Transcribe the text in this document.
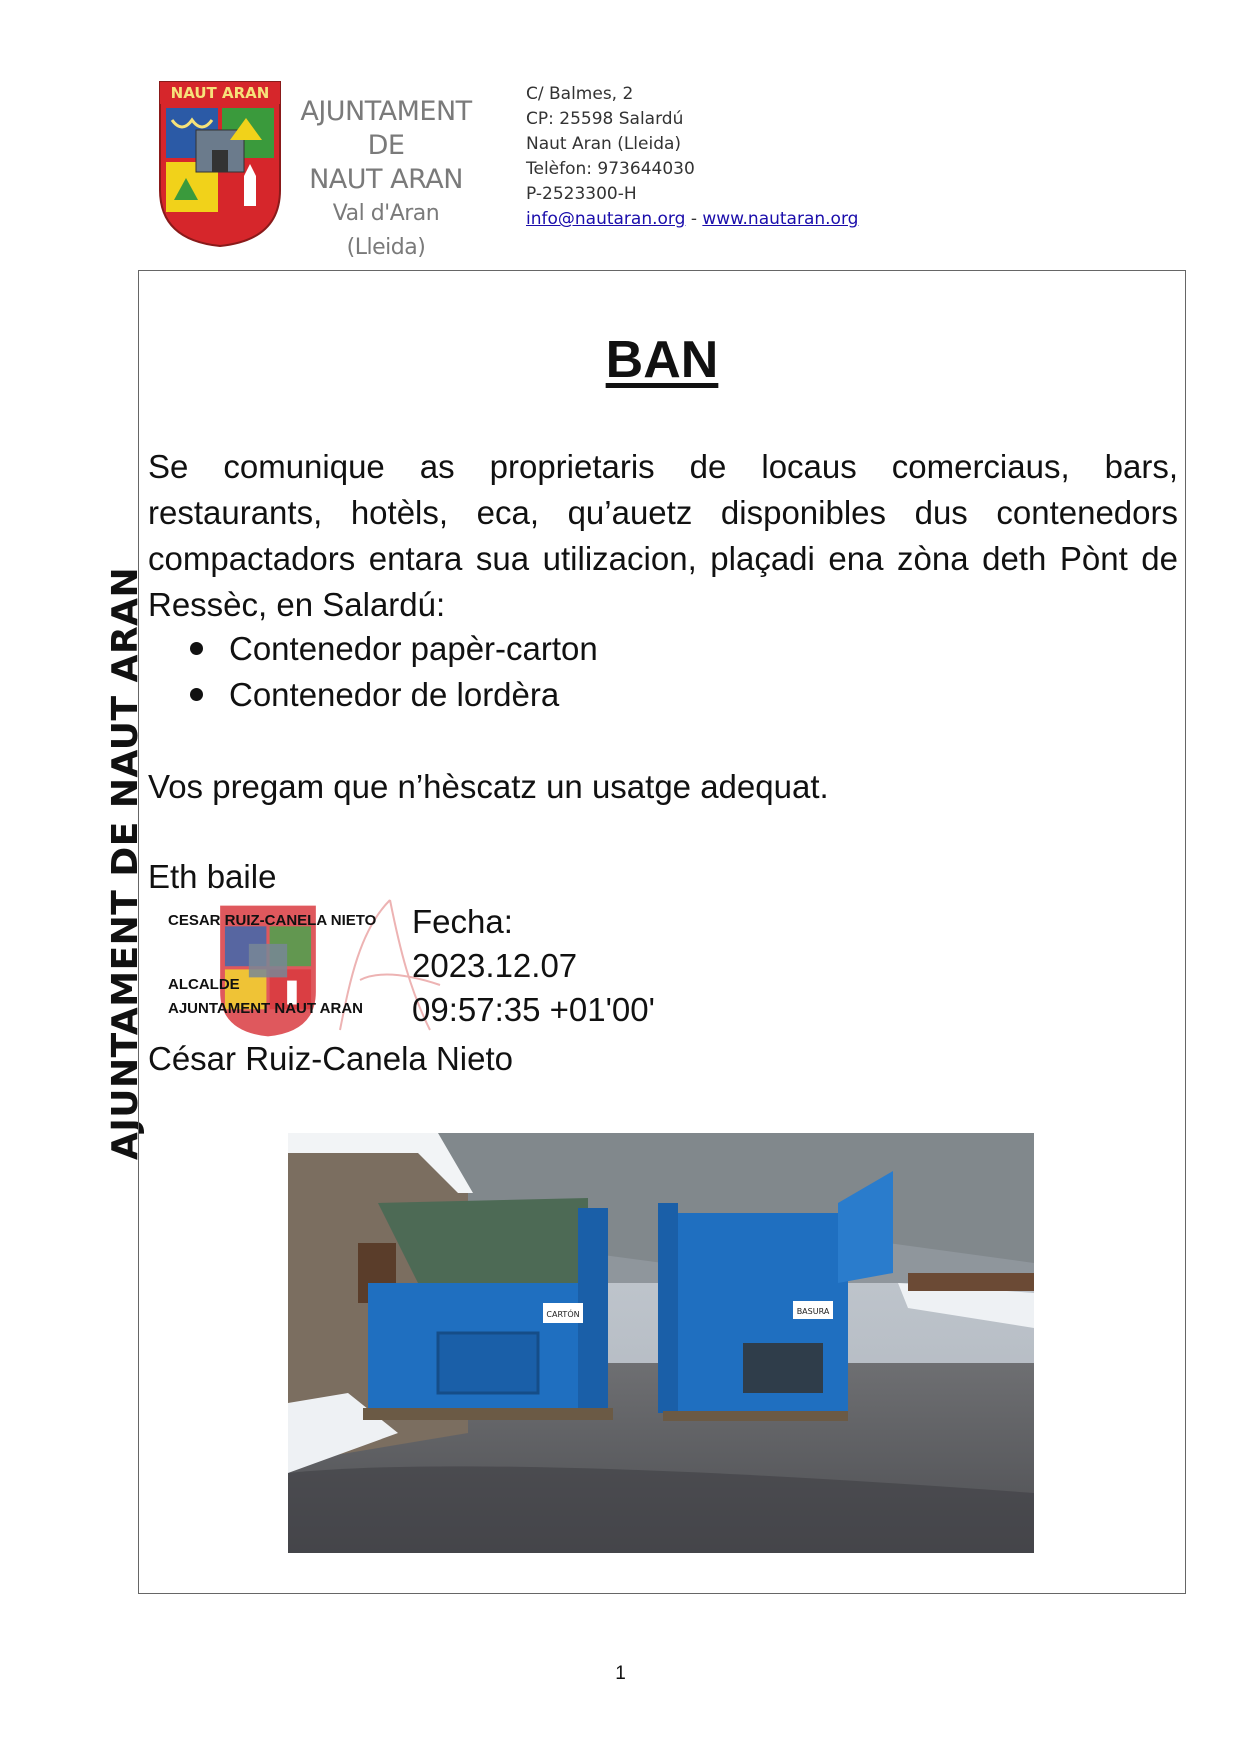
NAUT ARAN
AJUNTAMENT
DE
NAUT ARAN
Val d'Aran (Lleida)
C/ Balmes, 2
CP: 25598 Salardú
Naut Aran (Lleida)
Telèfon: 973644030
P-2523300-H
info@nautaran.org - www.nautaran.org
AJUNTAMENT DE NAUT ARAN
BAN
Se comunique as proprietaris de locaus comerciaus, bars, restaurants, hotèls, eca, qu’auetz disponibles dus contenedors compactadors entara sua utilizacion, plaçadi ena zòna deth Pònt de Ressèc, en Salardú:
Contenedor papèr-carton
Contenedor de lordèra
Vos pregam que n’hèscatz un usatge adequat.
Eth baile
CESAR RUIZ-CANELA NIETO
ALCALDE
AJUNTAMENT NAUT ARAN
Fecha:
2023.12.07
09:57:35 +01'00'
César Ruiz-Canela Nieto
CARTÓN	BASURA
1
